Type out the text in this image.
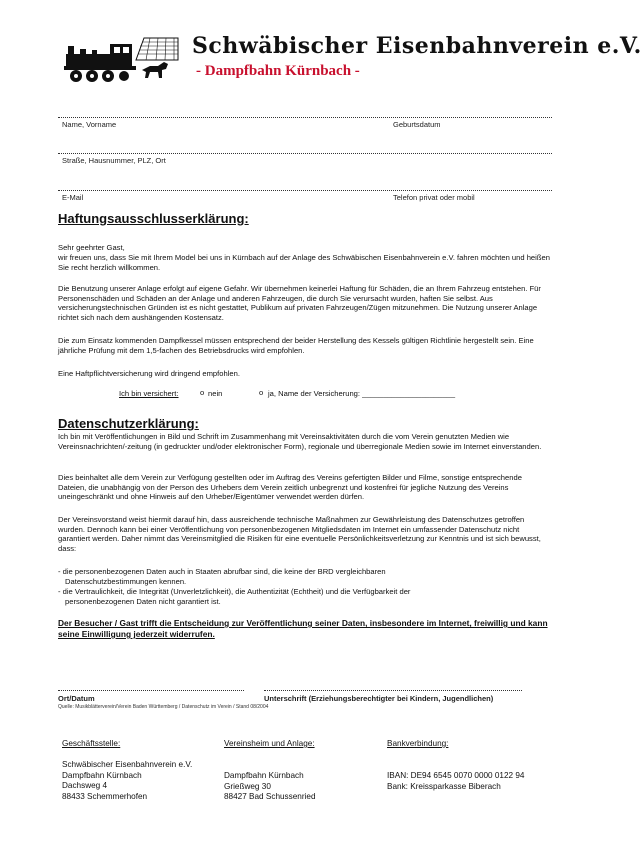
Schwäbischer Eisenbahnverein e.V.
- Dampfbahn Kürnbach -
Name, Vorname	Geburtsdatum
Straße, Hausnummer, PLZ, Ort
E-Mail	Telefon privat oder mobil
Haftungsausschlusserklärung:
Sehr geehrter Gast,
wir freuen uns, dass Sie mit Ihrem Model bei uns in Kürnbach auf der Anlage des Schwäbischen Eisenbahnverein e.V. fahren möchten und heißen Sie recht herzlich willkommen.
Die Benutzung unserer Anlage erfolgt auf eigene Gefahr. Wir übernehmen keinerlei Haftung für Schäden, die an Ihrem Fahrzeug entstehen. Für Personenschäden und Schäden an der Anlage und anderen Fahrzeugen, die durch Sie verursacht wurden, haften Sie selbst. Aus versicherungstechnischen Gründen ist es nicht gestattet, Publikum auf privaten Fahrzeugen/Zügen mitzunehmen. Die Nutzung unserer Anlage richtet sich nach dem aushängenden Kostensatz.
Die zum Einsatz kommenden Dampfkessel müssen entsprechend der beider Herstellung des Kessels gültigen Richtlinie hergestellt sein. Eine jährliche Prüfung mit dem 1,5-fachen des Betriebsdrucks wird empfohlen.
Eine Haftpflichtversicherung wird dringend empfohlen.
Ich bin versichert:	o nein	o ja, Name der Versicherung: ______________________
Datenschutzerklärung:
Ich bin mit Veröffentlichungen in Bild und Schrift im Zusammenhang mit Vereinsaktivitäten durch die vom Verein genutzten Medien wie Vereinsnachrichten/-zeitung (in gedruckter und/oder elektronischer Form), regionale und überregionale Medien sowie im Internet einverstanden.
Dies beinhaltet alle dem Verein zur Verfügung gestellten oder im Auftrag des Vereins gefertigten Bilder und Filme, sonstige entsprechende Dateien, die unabhängig von der Person des Urhebers dem Verein zeitlich unbegrenzt und kostenfrei für jegliche Nutzung des Vereins uneingeschränkt und ohne Hinweis auf den Urheber/Eigentümer verwendet werden dürfen.
Der Vereinsvorstand weist hiermit darauf hin, dass ausreichende technische Maßnahmen zur Gewährleistung des Datenschutzes getroffen wurden. Dennoch kann bei einer Veröffentlichung von personenbezogenen Mitgliedsdaten im Internet ein umfassender Datenschutz nicht garantiert werden. Daher nimmt das Vereinsmitglied die Risiken für eine eventuelle Persönlichkeitsverletzung zur Kenntnis und ist sich bewusst, dass:
- die personenbezogenen Daten auch in Staaten abrufbar sind, die keine der BRD vergleichbaren
Datenschutzbestimmungen kennen.
- die Vertraulichkeit, die Integrität (Unverletzlichkeit), die Authentizität (Echtheit) und die Verfügbarkeit der
personenbezogenen Daten nicht garantiert ist.
Der Besucher / Gast trifft die Entscheidung zur Veröffentlichung seiner Daten, insbesondere im Internet, freiwillig und kann seine Einwilligung jederzeit widerrufen.
Ort/Datum	Unterschrift (Erziehungsberechtigter bei Kindern, Jugendlichen)
Quelle: Musikblätterverein/Verein Baden Württemberg / Datenschutz im Verein / Stand 08/2004
Geschäftsstelle:
Schwäbischer Eisenbahnverein e.V.
Dampfbahn Kürnbach
Dachsweg 4
88433 Schemmerhofen
Vereinsheim und Anlage:
Dampfbahn Kürnbach
Grießweg 30
88427 Bad Schussenried
Bankverbindung:
IBAN: DE94 6545 0070 0000 0122 94
Bank: Kreissparkasse Biberach
